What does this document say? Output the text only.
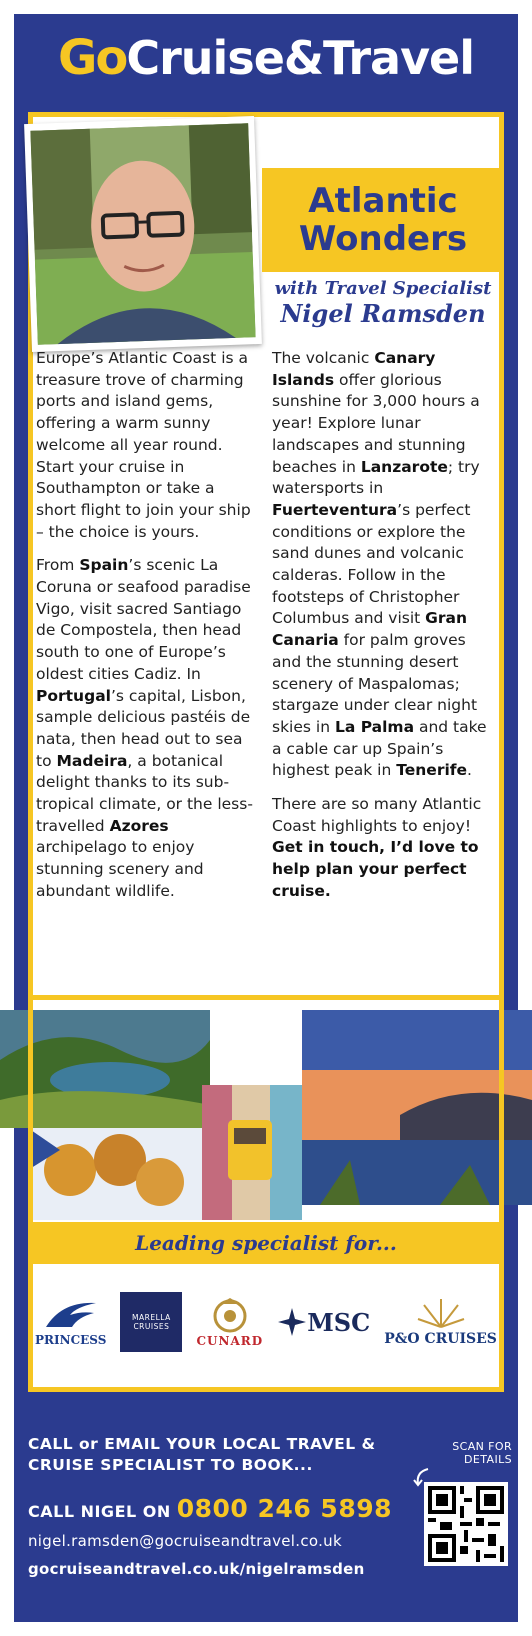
Go Cruise&Travel
Atlantic
Wonders
with Travel Specialist
Nigel Ramsden

Europe’s Atlantic Coast is a treasure trove of charming ports and island gems, offering a warm sunny welcome all year round. Start your cruise in Southampton or take a short flight to join your ship – the choice is yours.

From Spain’s scenic La Coruna or seafood paradise Vigo, visit sacred Santiago de Compostela, then head south to one of Europe’s oldest cities Cadiz. In Portugal’s capital, Lisbon, sample delicious pastéis de nata, then head out to sea to Madeira, a botanical delight thanks to its sub-tropical climate, or the less-travelled Azores archipelago to enjoy stunning scenery and abundant wildlife.

The volcanic Canary Islands offer glorious sunshine for 3,000 hours a year! Explore lunar landscapes and stunning beaches in Lanzarote; try watersports in Fuerteventura’s perfect conditions or explore the sand dunes and volcanic calderas. Follow in the footsteps of Christopher Columbus and visit Gran Canaria for palm groves and the stunning desert scenery of Maspalomas; stargaze under clear night skies in La Palma and take a cable car up Spain’s highest peak in Tenerife.

There are so many Atlantic Coast highlights to enjoy!

Get in touch, I’d love to help plan your perfect cruise.

Leading specialist for...
PRINCESS
MARELLA
CRUISES
CUNARD
MSC
P&O CRUISES
CALL or EMAIL YOUR LOCAL TRAVEL & CRUISE SPECIALIST TO BOOK...
CALL NIGEL ON 0800 246 5898
nigel.ramsden@gocruiseandtravel.co.uk
gocruiseandtravel.co.uk/nigelramsden
SCAN FOR
DETAILS
